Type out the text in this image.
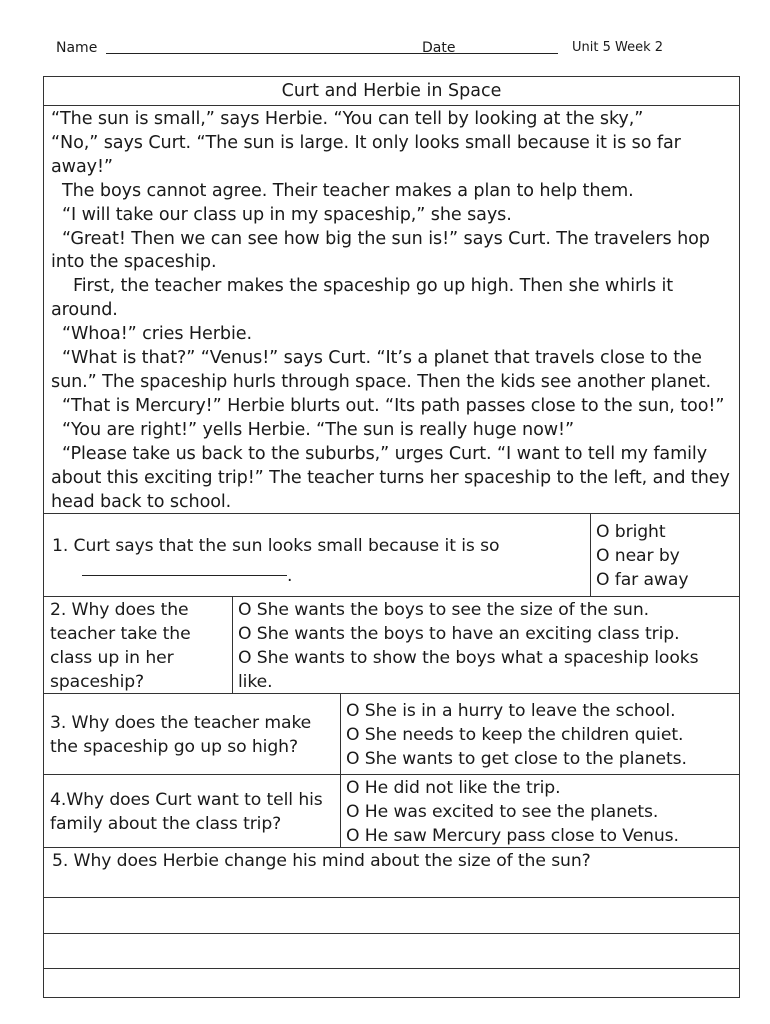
Name	Date	Unit 5 Week 2
Curt and Herbie in Space

“The sun is small,” says Herbie. “You can tell by looking at the sky,”

“No,” says Curt. “The sun is large. It only looks small because it is so far away!”

The boys cannot agree. Their teacher makes a plan to help them.

“I will take our class up in my spaceship,” she says.

“Great! Then we can see how big the sun is!” says Curt. The travelers hop into the spaceship.

First, the teacher makes the spaceship go up high. Then she whirls it around.

“Whoa!” cries Herbie.

“What is that?” “Venus!” says Curt. “It’s a planet that travels close to the sun.” The spaceship hurls through space. Then the kids see another planet.

“That is Mercury!” Herbie blurts out. “Its path passes close to the sun, too!”

“You are right!” yells Herbie. “The sun is really huge now!”

“Please take us back to the suburbs,” urges Curt. “I want to tell my family about this exciting trip!” The teacher turns her spaceship to the left, and they head back to school.

1. Curt says that the sun looks small because it is so
.

O bright

O near by

O far away

2. Why does the teacher take the class up in her spaceship?

O She wants the boys to see the size of the sun.

O She wants the boys to have an exciting class trip.

O She wants to show the boys what a spaceship looks like.

3. Why does the teacher make the spaceship go up so high?

O She is in a hurry to leave the school.

O She needs to keep the children quiet.

O She wants to get close to the planets.

4.Why does Curt want to tell his family about the class trip?

O He did not like the trip.

O He was excited to see the planets.

O He saw Mercury pass close to Venus.

5. Why does Herbie change his mind about the size of the sun?
